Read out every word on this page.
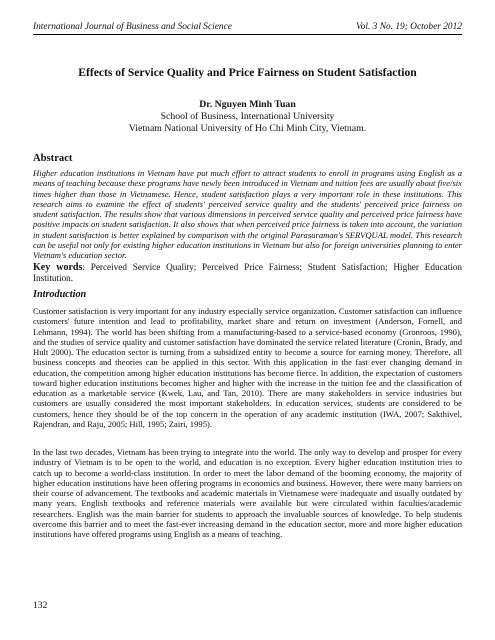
International Journal of Business and Social Science	Vol. 3 No. 19; October 2012
Effects of Service Quality and Price Fairness on Student Satisfaction
Dr. Nguyen Minh Tuan
School of Business, International University
Vietnam National University of Ho Chi Minh City, Vietnam.
Abstract
Higher education institutions in Vietnam have put much effort to attract students to enroll in programs using English as a means of teaching because these programs have newly been introduced in Vietnam and tuition fees are usually about five/six times higher than those in Vietnamese. Hence, student satisfaction plays a very important role in these institutions. This research aims to examine the effect of students' perceived service quality and the students' perceived price fairness on student satisfaction. The results show that various dimensions in perceived service quality and perceived price fairness have positive impacts on student satisfaction. It also shows that when perceived price fairness is taken into account, the variation in student satisfaction is better explained by comparison with the original Parasuraman's SERVQUAL model. This research can be useful not only for existing higher education institutions in Vietnam but also for foreign universities planning to enter Vietnam's education sector.
Key words: Perceived Service Quality; Perceived Price Fairness; Student Satisfaction; Higher Education Institution.
Introduction
Customer satisfaction is very important for any industry especially service organization. Customer satisfaction can influence customers' future intention and lead to profitability, market share and return on investment (Anderson, Fornell, and Lehmann, 1994). The world has been shifting from a manufacturing-based to a service-based economy (Gronroos, 1990), and the studies of service quality and customer satisfaction have dominated the service related literature (Cronin, Brady, and Hult 2000). The education sector is turning from a subsidized entity to become a source for earning money. Therefore, all business concepts and theories can be applied in this sector. With this application in the fast ever changing demand in education, the competition among higher education institutions has become fierce. In addition, the expectation of customers toward higher education institutions becomes higher and higher with the increase in the tuition fee and the classification of education as a marketable service (Kwek, Lau, and Tan, 2010). There are many stakeholders in service industries but customers are usually considered the most important stakeholders. In education services, students are considered to be customers, hence they should be of the top concern in the operation of any academic institution (IWA, 2007; Sakthivel, Rajendran, and Raju, 2005; Hill, 1995; Zairi, 1995).
In the last two decades, Vietnam has been trying to integrate into the world. The only way to develop and prosper for every industry of Vietnam is to be open to the world, and education is no exception. Every higher education institution tries to catch up to become a world-class institution. In order to meet the labor demand of the booming economy, the majority of higher education institutions have been offering programs in economics and business. However, there were many barriers on their course of advancement. The textbooks and academic materials in Vietnamese were inadequate and usually outdated by many years. English textbooks and reference materials were available but were circulated within faculties/academic researchers. English was the main barrier for students to approach the invaluable sources of knowledge. To help students overcome this barrier and to meet the fast-ever increasing demand in the education sector, more and more higher education institutions have offered programs using English as a means of teaching.
132
